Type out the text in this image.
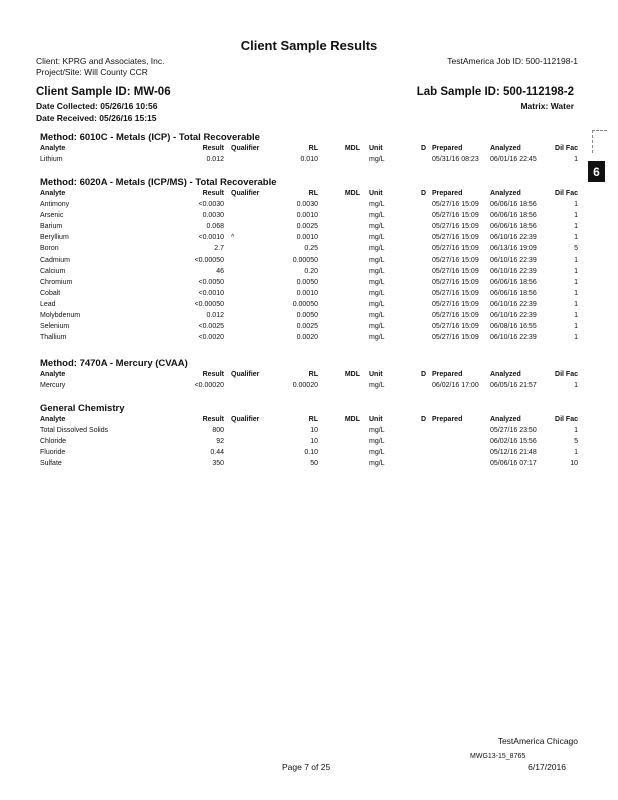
Client Sample Results
Client: KPRG and Associates, Inc.
Project/Site: Will County CCR
TestAmerica Job ID: 500-112198-1
Client Sample ID: MW-06	Lab Sample ID: 500-112198-2
Date Collected: 05/26/16 10:56
Date Received: 05/26/16 15:15
Matrix: Water
6
Method: 6010C - Metals (ICP) - Total Recoverable
Analyte	Result Qualifier	RL	MDL Unit	D Prepared	Analyzed	Dil Fac
Lithium	0.012	0.010	mg/L	05/31/16 08:23 06/01/16 22:45	1
Method: 6020A - Metals (ICP/MS) - Total Recoverable
Analyte	Result Qualifier	RL	MDL Unit	D Prepared	Analyzed	Dil Fac
Antimony	<0.0030	0.0030	mg/L	05/27/16 15:09 06/06/16 18:56	1
Arsenic	0.0030	0.0010	mg/L	05/27/16 15:09 06/06/16 18:56	1
Barium	0.068	0.0025	mg/L	05/27/16 15:09 06/06/16 18:56	1
Beryllium	<0.0010 ^	0.0010	mg/L	05/27/16 15:09 06/10/16 22:39	1
Boron	2.7	0.25	mg/L	05/27/16 15:09 06/13/16 19:09	5
Cadmium	<0.00050	0.00050	mg/L	05/27/16 15:09 06/10/16 22:39	1
Calcium	46	0.20	mg/L	05/27/16 15:09 06/10/16 22:39	1
Chromium	<0.0050	0.0050	mg/L	05/27/16 15:09 06/06/16 18:56	1
Cobalt	<0.0010	0.0010	mg/L	05/27/16 15:09 06/06/16 18:56	1
Lead	<0.00050	0.00050	mg/L	05/27/16 15:09 06/10/16 22:39	1
Molybdenum	0.012	0.0050	mg/L	05/27/16 15:09 06/10/16 22:39	1
Selenium	<0.0025	0.0025	mg/L	05/27/16 15:09 06/08/16 16:55	1
Thallium	<0.0020	0.0020	mg/L	05/27/16 15:09 06/10/16 22:39	1
Method: 7470A - Mercury (CVAA)
Analyte	Result Qualifier	RL	MDL Unit	D Prepared	Analyzed	Dil Fac
Mercury	<0.00020	0.00020	mg/L	06/02/16 17:00 06/05/16 21:57	1
General Chemistry
Analyte	Result Qualifier	RL	MDL Unit	D Prepared	Analyzed	Dil Fac
Total Dissolved Solids	800	10	mg/L	05/27/16 23:50	1
Chloride	92	10	mg/L	06/02/16 15:56	5
Fluoride	0.44	0.10	mg/L	05/12/16 21:48	1
Sulfate	350	50	mg/L	05/06/16 07:17	10
TestAmerica Chicago
MWG13-15_8765
Page 7 of 25	6/17/2016
